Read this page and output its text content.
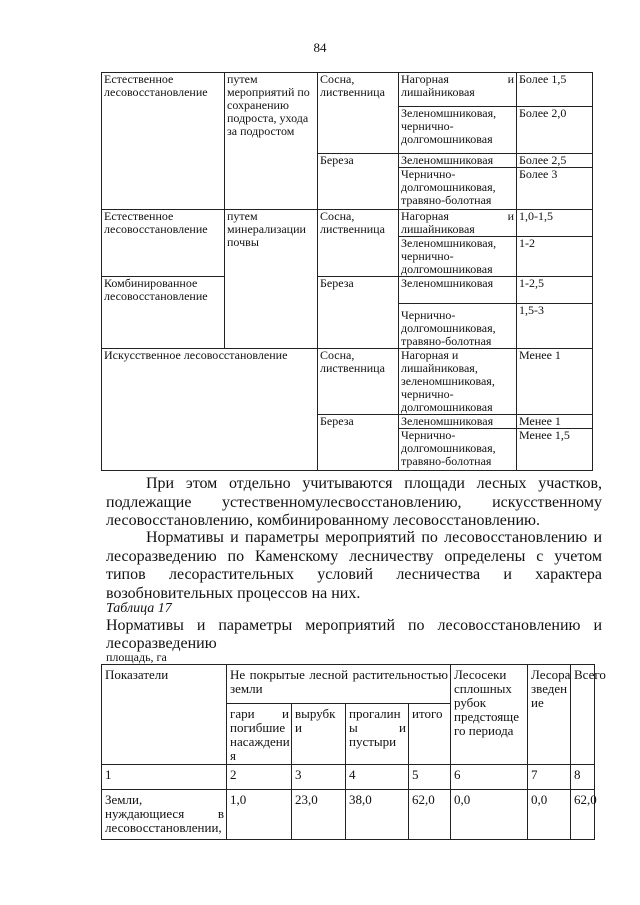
84
Естественное лесовосстановление	путем мероприятий по сохранению подроста, ухода за подростом	Сосна, лиственница	Нагорная и лишайниковая	Более 1,5
			Зеленомшниковая, чернично-долгомошниковая	Более 2,0
		Береза	Зеленомшниковая	Более 2,5
			Чернично-долгомошниковая, травяно-болотная	Более 3
Естественное лесовосстановление	путем минерализации почвы	Сосна, лиственница	Нагорная и лишайниковая	1,0-1,5
			Зеленомшниковая, чернично-долгомошниковая	1-2
Комбинированное лесовосстановление		Береза	Зеленомшниковая	1-2,5
			Чернично-долгомошниковая, травяно-болотная	1,5-3
Искусственное лесовосстановление		Сосна, лиственница	Нагорная и лишайниковая, зеленомшниковая, чернично-долгомошниковая	Менее 1
		Береза	Зеленомшниковая	Менее 1
			Чернично-долгомошниковая, травяно-болотная	Менее 1,5

При этом отдельно учитываются площади лесных участков, подлежащие устественномулесвосстановлению, искусственному лесовосстановлению, комбинированному лесовосстановлению.

Нормативы и параметры мероприятий по лесовосстановлению и лесоразведению по Каменскому лесничеству определены с учетом типов лесорастительных условий лесничества и характера возобновительных процессов на них.

Таблица 17
Нормативы и параметры мероприятий по лесовосстановлению и лесоразведению
площадь, га
Показатели	Не покрытые лесной растительностью земли				Лесосеки сплошных рубок предстояще го периода	Лесора зведен ие	Всего
	гари и погибшие насаждени я	вырубк и	прогалин ы и пустыри	итого			
1	2	3	4	5	6	7	8
Земли, нуждающиеся в лесовосстановлении,	1,0	23,0	38,0	62,0	0,0	0,0	62,0
